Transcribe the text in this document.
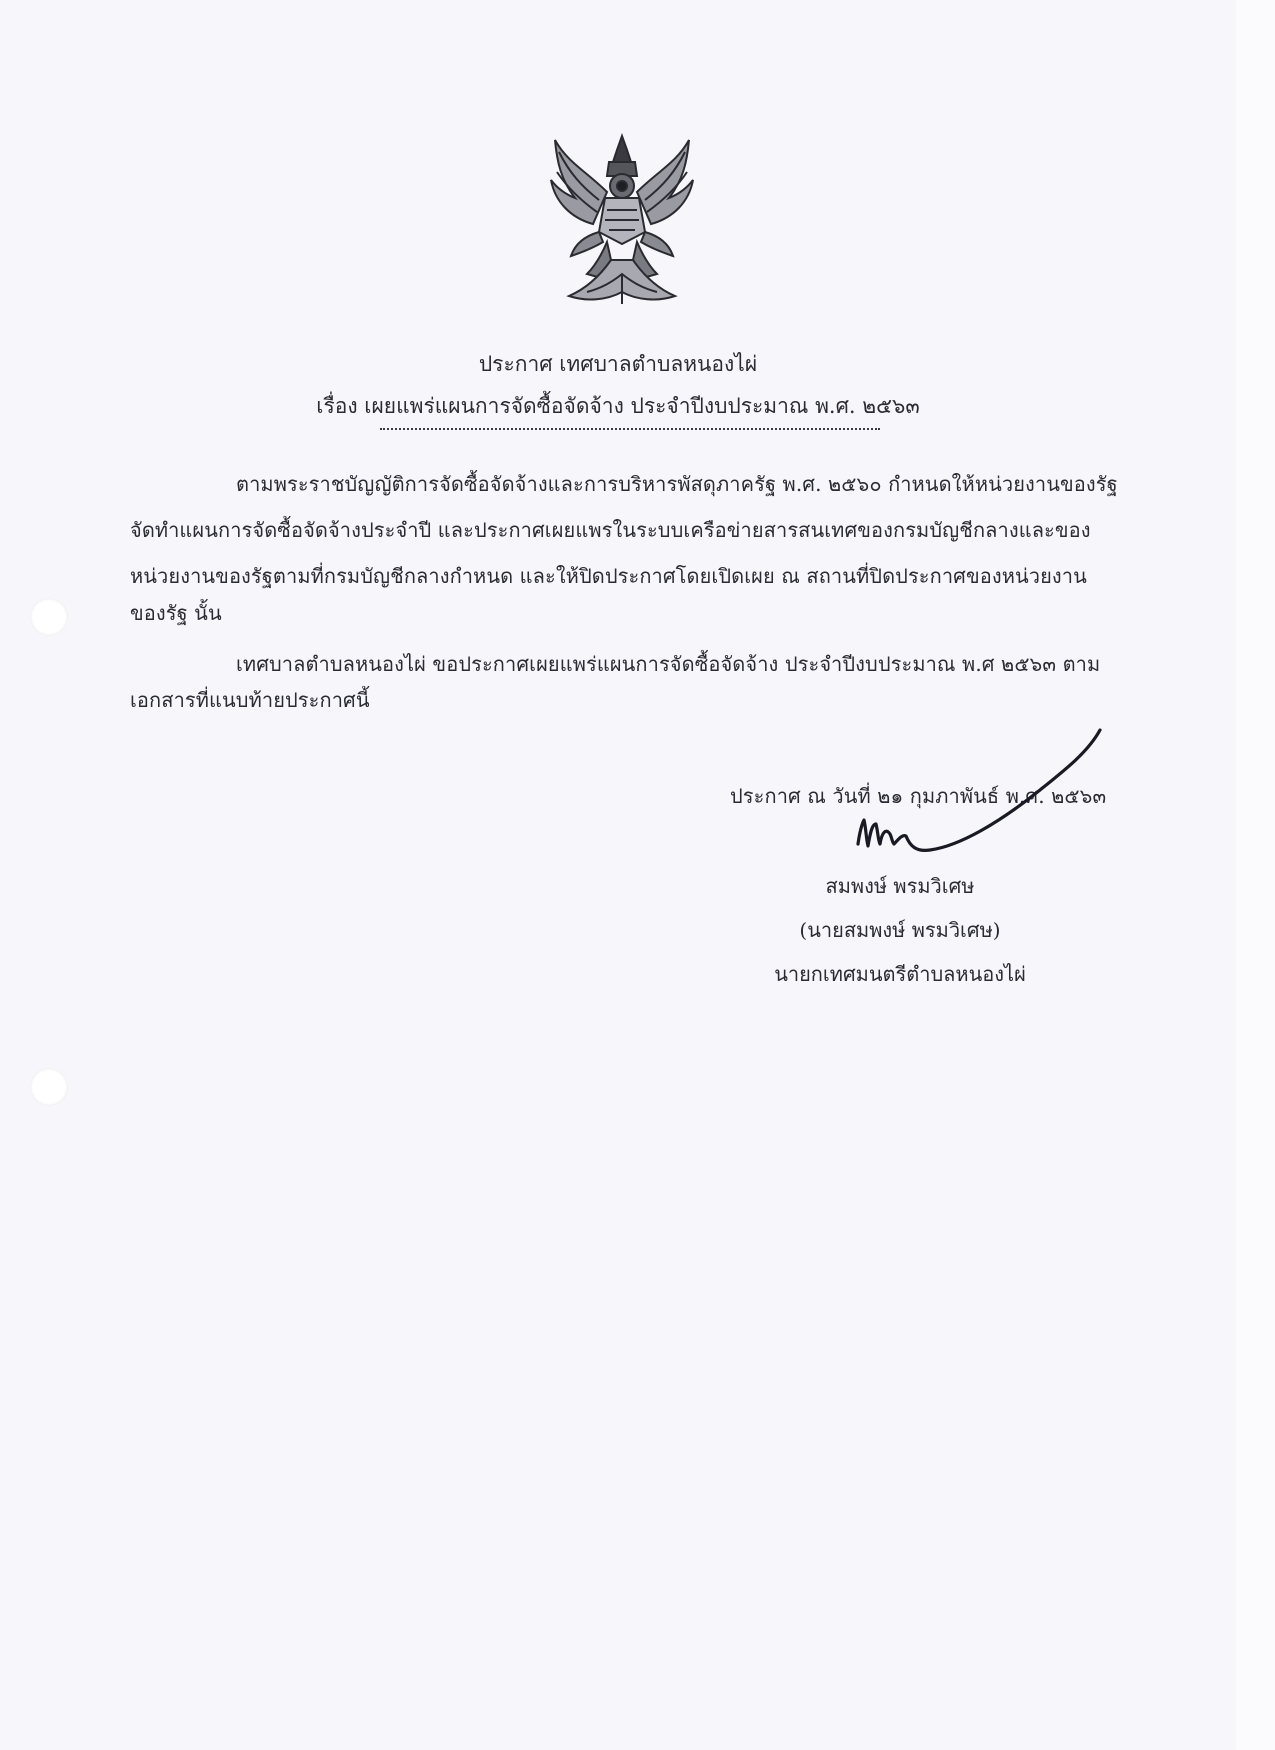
ประกาศ เทศบาลตำบลหนองไผ่
เรื่อง เผยแพร่แผนการจัดซื้อจัดจ้าง ประจำปีงบประมาณ พ.ศ. ๒๕๖๓
ตามพระราชบัญญัติการจัดซื้อจัดจ้างและการบริหารพัสดุภาครัฐ พ.ศ. ๒๕๖๐ กำหนดให้หน่วยงานของรัฐ
จัดทำแผนการจัดซื้อจัดจ้างประจำปี และประกาศเผยแพรในระบบเครือข่ายสารสนเทศของกรมบัญชีกลางและของ
หน่วยงานของรัฐตามที่กรมบัญชีกลางกำหนด และให้ปิดประกาศโดยเปิดเผย ณ สถานที่ปิดประกาศของหน่วยงาน
ของรัฐ นั้น
เทศบาลตำบลหนองไผ่ ขอประกาศเผยแพร่แผนการจัดซื้อจัดจ้าง ประจำปีงบประมาณ พ.ศ ๒๕๖๓ ตาม
เอกสารที่แนบท้ายประกาศนี้
ประกาศ ณ วันที่ ๒๑ กุมภาพันธ์ พ.ศ. ๒๕๖๓
สมพงษ์ พรมวิเศษ
(นายสมพงษ์ พรมวิเศษ)
นายกเทศมนตรีตำบลหนองไผ่
